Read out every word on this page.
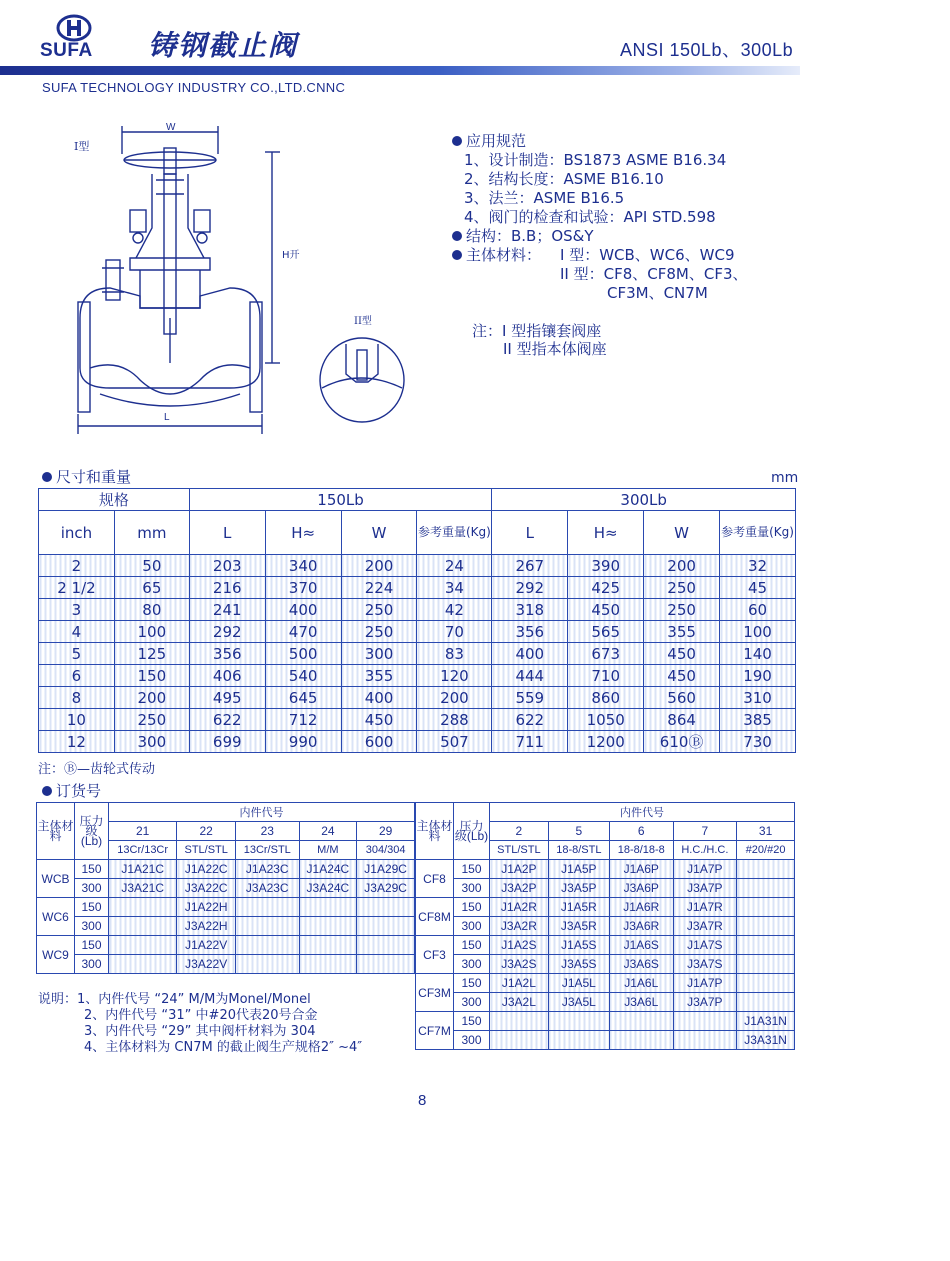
SUFA 铸钢截止阀	ANSI 150Lb、300Lb
SUFA TECHNOLOGY INDUSTRY CO.,LTD.CNNC
I型
W
H开
L
II型
应用规范
1、设计制造：BS1873 ASME B16.34
2、结构长度：ASME B16.10
3、法兰：ASME B16.5
4、阀门的检查和试验：API STD.598
结构：B.B；OS&Y
主体材料： I 型：WCB、WC6、WC9
II 型：CF8、CF8M、CF3、
CF3M、CN7M
注：I 型指镶套阀座
II 型指本体阀座
尺寸和重量	mm
规格		150Lb				300Lb			
inch	mm	L	H≈	W	参考重量(Kg)	L	H≈	W	参考重量(Kg)
2	50	203	340	200	24	267	390	200	32
2 1/2	65	216	370	224	34	292	425	250	45
3	80	241	400	250	42	318	450	250	60
4	100	292	470	250	70	356	565	355	100
5	125	356	500	300	83	400	673	450	140
6	150	406	540	355	120	444	710	450	190
8	200	495	645	400	200	559	860	560	310
10	250	622	712	450	288	622	1050	864	385
12	300	699	990	600	507	711	1200	610Ⓑ	730
注：Ⓑ—齿轮式传动
订货号
主体材料	压力级(Lb)	内件代号				
		21	22	23	24	29
		13Cr/13Cr	STL/STL	13Cr/STL	M/M	304/304
WCB	150	J1A21C	J1A22C	J1A23C	J1A24C	J1A29C
	300	J3A21C	J3A22C	J3A23C	J3A24C	J3A29C
WC6	150		J1A22H			
	300		J3A22H			
WC9	150		J1A22V			
	300		J3A22V			
主体材料	压力级(Lb)	内件代号				
		2	5	6	7	31
		STL/STL	18-8/STL	18-8/18-8	H.C./H.C.	#20/#20
CF8	150	J1A2P	J1A5P	J1A6P	J1A7P	
	300	J3A2P	J3A5P	J3A6P	J3A7P	
CF8M	150	J1A2R	J1A5R	J1A6R	J1A7R	
	300	J3A2R	J3A5R	J3A6R	J3A7R	
CF3	150	J1A2S	J1A5S	J1A6S	J1A7S	
	300	J3A2S	J3A5S	J3A6S	J3A7S	
CF3M	150	J1A2L	J1A5L	J1A6L	J1A7P	
	300	J3A2L	J3A5L	J3A6L	J3A7P	
CF7M	150					J1A31N
	300					J3A31N
说明：1、内件代号 “24” M/M为Monel/Monel
2、内件代号 “31” 中#20代表20号合金
3、内件代号 “29” 其中阀杆材料为 304
4、主体材料为 CN7M 的截止阀生产规格2″ ~4″
8
